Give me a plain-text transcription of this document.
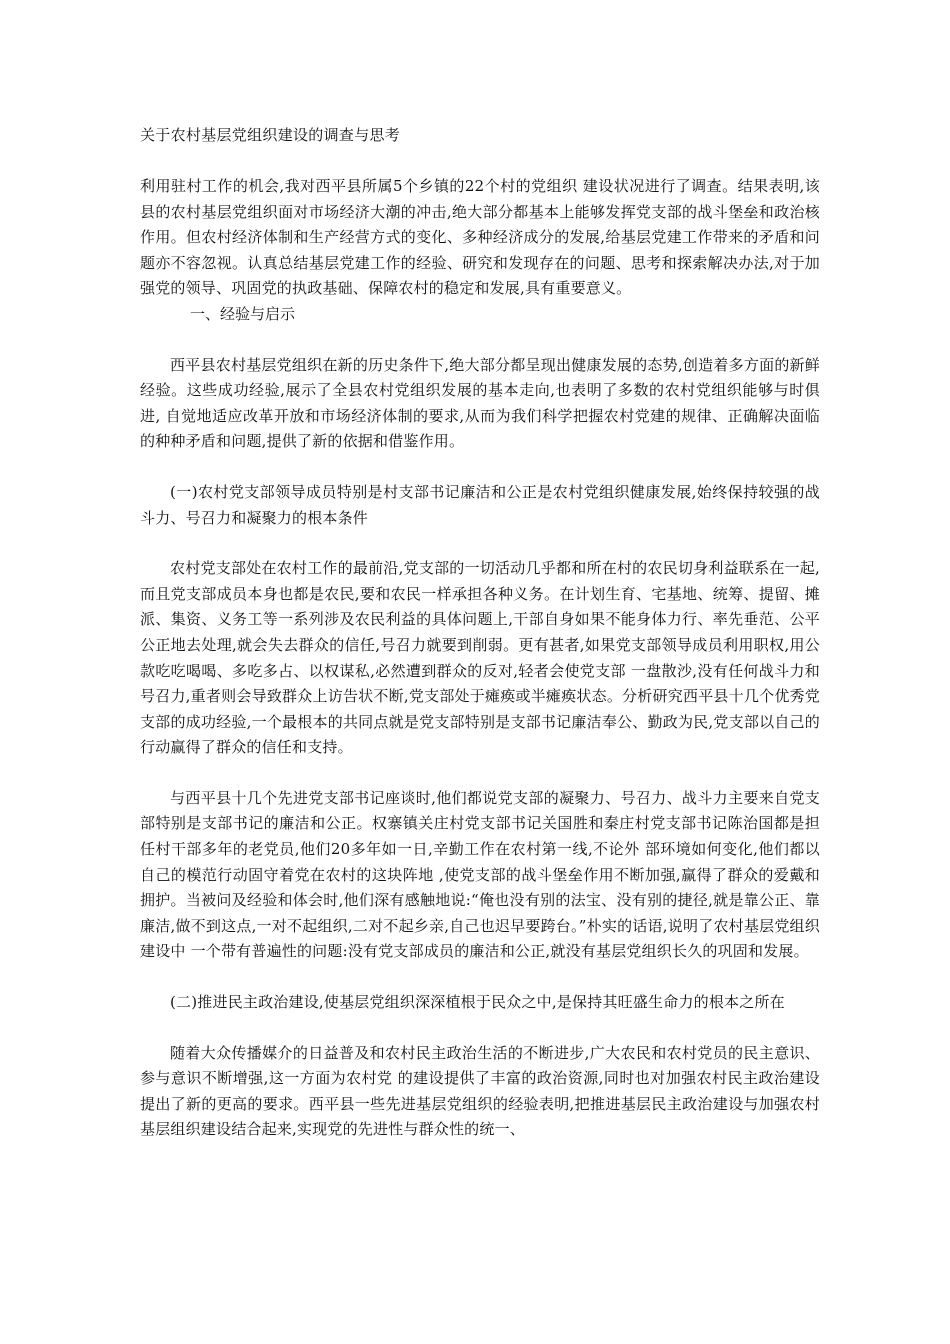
关于农村基层党组织建设的调查与思考

利用驻村工作的机会,我对西平县所属5个乡镇的22个村的党组织 建设状况进行了调查。结果表明,该县的农村基层党组织面对市场经济大潮的冲击,绝大部分都基本上能够发挥党支部的战斗堡垒和政治核作用。但农村经济体制和生产经营方式的变化、多种经济成分的发展,给基层党建工作带来的矛盾和问题亦不容忽视。认真总结基层党建工作的经验、研究和发现存在的问题、思考和探索解决办法,对于加强党的领导、巩固党的执政基础、保障农村的稳定和发展,具有重要意义。

一、经验与启示

西平县农村基层党组织在新的历史条件下,绝大部分都呈现出健康发展的态势,创造着多方面的新鲜经验。这些成功经验,展示了全县农村党组织发展的基本走向,也表明了多数的农村党组织能够与时俱进, 自觉地适应改革开放和市场经济体制的要求,从而为我们科学把握农村党建的规律、正确解决面临的种种矛盾和问题,提供了新的依据和借鉴作用。

(一)农村党支部领导成员特别是村支部书记廉洁和公正是农村党组织健康发展,始终保持较强的战斗力、号召力和凝聚力的根本条件

农村党支部处在农村工作的最前沿,党支部的一切活动几乎都和所在村的农民切身利益联系在一起,而且党支部成员本身也都是农民,要和农民一样承担各种义务。在计划生育、宅基地、统筹、提留、摊派、集资、义务工等一系列涉及农民利益的具体问题上,干部自身如果不能身体力行、率先垂范、公平公正地去处理,就会失去群众的信任,号召力就要到削弱。更有甚者,如果党支部领导成员利用职权,用公款吃吃喝喝、多吃多占、以权谋私,必然遭到群众的反对,轻者会使党支部 一盘散沙,没有任何战斗力和号召力,重者则会导致群众上访告状不断,党支部处于瘫痪或半瘫痪状态。分析研究西平县十几个优秀党支部的成功经验,一个最根本的共同点就是党支部特别是支部书记廉洁奉公、勤政为民,党支部以自己的行动赢得了群众的信任和支持。

与西平县十几个先进党支部书记座谈时,他们都说党支部的凝聚力、号召力、战斗力主要来自党支部特别是支部书记的廉洁和公正。权寨镇关庄村党支部书记关国胜和秦庄村党支部书记陈治国都是担任村干部多年的老党员,他们20多年如一日,辛勤工作在农村第一线,不论外 部环境如何变化,他们都以自己的模范行动固守着党在农村的这块阵地 ,使党支部的战斗堡垒作用不断加强,赢得了群众的爱戴和拥护。当被问及经验和体会时,他们深有感触地说:“俺也没有别的法宝、没有别的捷径,就是靠公正、靠廉洁,做不到这点,一对不起组织,二对不起乡亲,自己也迟早要跨台。”朴实的话语,说明了农村基层党组织建设中 一个带有普遍性的问题:没有党支部成员的廉洁和公正,就没有基层党组织长久的巩固和发展。

(二)推进民主政治建设,使基层党组织深深植根于民众之中,是保持其旺盛生命力的根本之所在

随着大众传播媒介的日益普及和农村民主政治生活的不断进步,广大农民和农村党员的民主意识、参与意识不断增强,这一方面为农村党 的建设提供了丰富的政治资源,同时也对加强农村民主政治建设提出了新的更高的要求。西平县一些先进基层党组织的经验表明,把推进基层民主政治建设与加强农村基层组织建设结合起来,实现党的先进性与群众性的统一、
